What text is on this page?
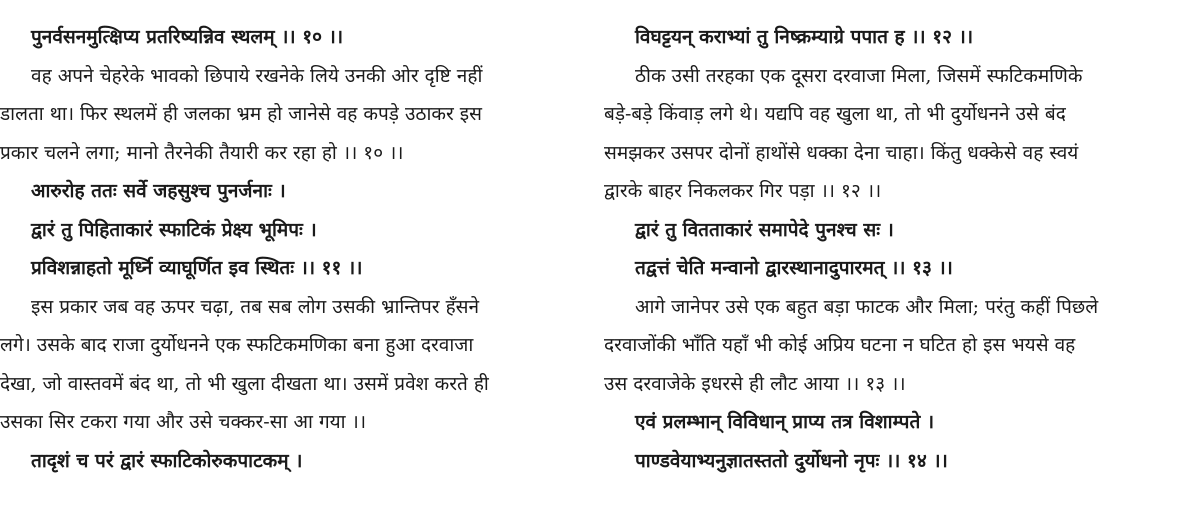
पुनर्वसनमुत्क्षिप्य प्रतरिष्यन्निव स्थलम् ।। १० ।।
वह अपने चेहरेके भावको छिपाये रखनेके लिये उनकी ओर दृष्टि नहीं
डालता था। फिर स्थलमें ही जलका भ्रम हो जानेसे वह कपड़े उठाकर इस
प्रकार चलने लगा; मानो तैरनेकी तैयारी कर रहा हो ।। १० ।।
आरुरोह ततः सर्वे जहसुश्च पुनर्जनाः ।
द्वारं तु पिहिताकारं स्फाटिकं प्रेक्ष्य भूमिपः ।
प्रविशन्नाहतो मूर्ध्नि व्याघूर्णित इव स्थितः ।। ११ ।।
इस प्रकार जब वह ऊपर चढ़ा, तब सब लोग उसकी भ्रान्तिपर हँसने
लगे। उसके बाद राजा दुर्योधनने एक स्फटिकमणिका बना हुआ दरवाजा
देखा, जो वास्तवमें बंद था, तो भी खुला दीखता था। उसमें प्रवेश करते ही
उसका सिर टकरा गया और उसे चक्कर-सा आ गया ।।
तादृशं च परं द्वारं स्फाटिकोरुकपाटकम् ।
विघट्टयन् कराभ्यां तु निष्क्रम्याग्रे पपात ह ।। १२ ।।
ठीक उसी तरहका एक दूसरा दरवाजा मिला, जिसमें स्फटिकमणिके
बड़े-बड़े किंवाड़ लगे थे। यद्यपि वह खुला था, तो भी दुर्योधनने उसे बंद
समझकर उसपर दोनों हाथोंसे धक्का देना चाहा। किंतु धक्केसे वह स्वयं
द्वारके बाहर निकलकर गिर पड़ा ।। १२ ।।
द्वारं तु वितताकारं समापेदे पुनश्च सः ।
तद्वत्तं चेति मन्वानो द्वारस्थानादुपारमत् ।। १३ ।।
आगे जानेपर उसे एक बहुत बड़ा फाटक और मिला; परंतु कहीं पिछले
दरवाजोंकी भाँति यहाँ भी कोई अप्रिय घटना न घटित हो इस भयसे वह
उस दरवाजेके इधरसे ही लौट आया ।। १३ ।।
एवं प्रलम्भान् विविधान् प्राप्य तत्र विशाम्पते ।
पाण्डवेयाभ्यनुज्ञातस्ततो दुर्योधनो नृपः ।। १४ ।।
